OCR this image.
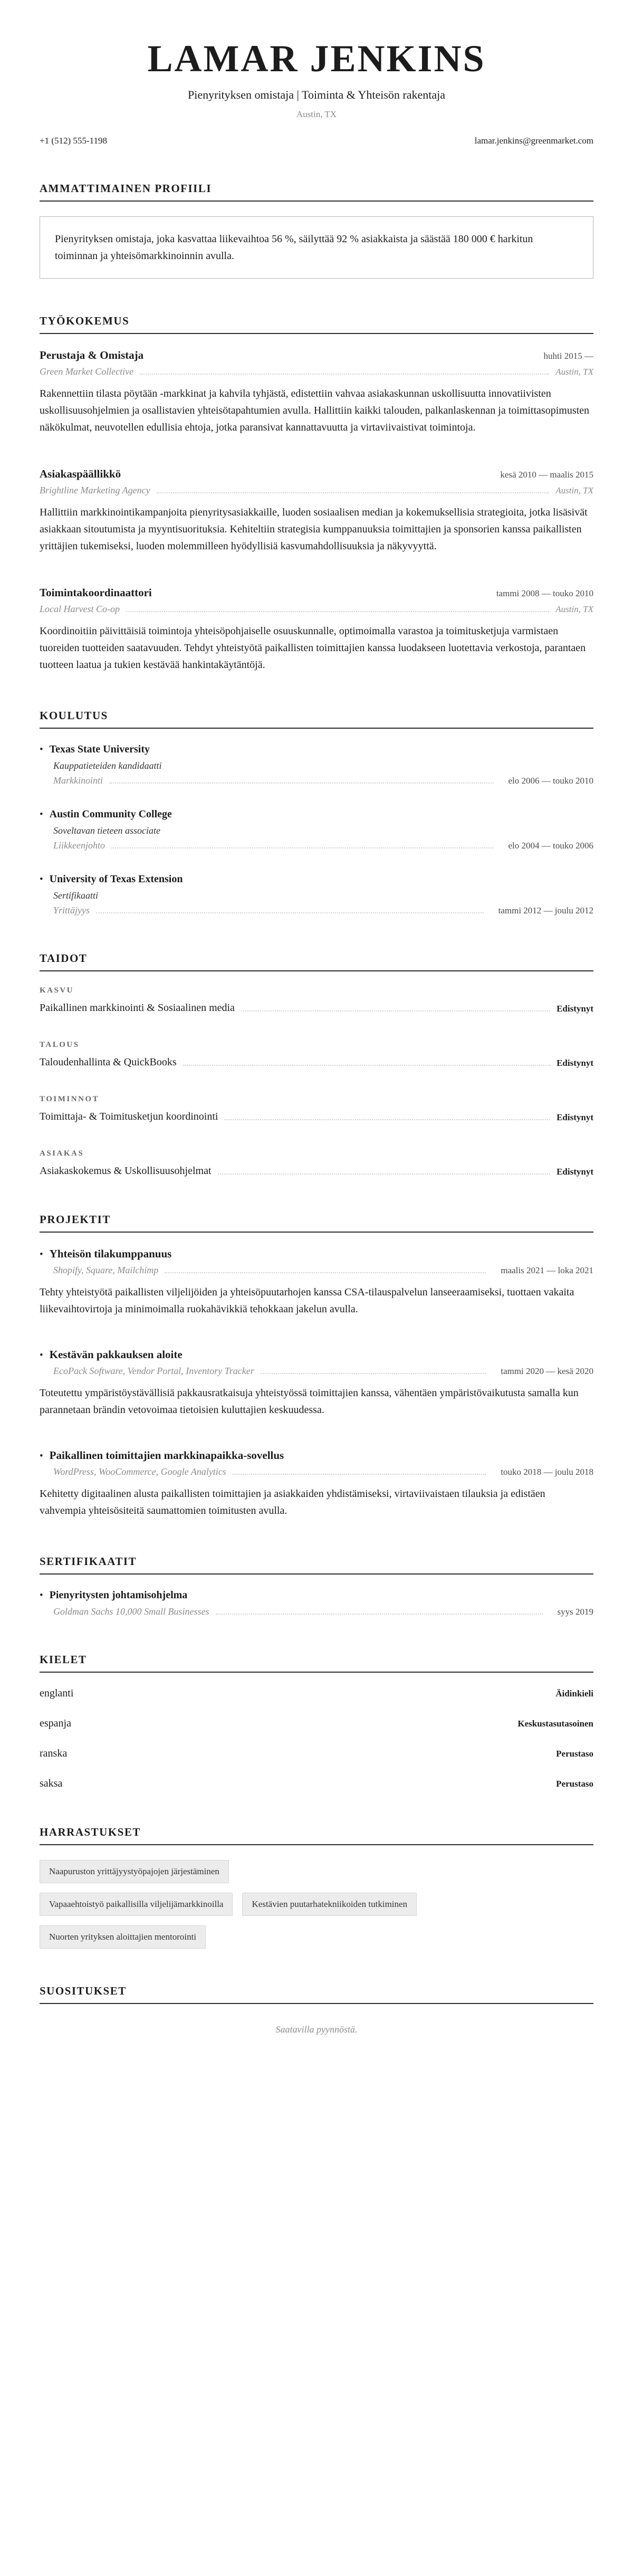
LAMAR JENKINS
Pienyrityksen omistaja | Toiminta & Yhteisön rakentaja
Austin, TX
+1 (512) 555-1198	lamar.jenkins@greenmarket.com
AMMATTIMAINEN PROFIILI

Pienyrityksen omistaja, joka kasvattaa liikevaihtoa 56 %, säilyttää 92 % asiakkaista ja säästää 180 000 € harkitun toiminnan ja yhteisömarkkinoinnin avulla.

TYÖKOKEMUS
Perustaja & Omistaja	huhti 2015 —
Green Market Collective	Austin, TX

Rakennettiin tilasta pöytään -markkinat ja kahvila tyhjästä, edistettiin vahvaa asiakaskunnan uskollisuutta innovatiivisten uskollisuusohjelmien ja osallistavien yhteisötapahtumien avulla. Hallittiin kaikki talouden, palkanlaskennan ja toimittasopimusten näkökulmat, neuvotellen edullisia ehtoja, jotka paransivat kannattavuutta ja virtaviivaistivat toimintoja.

Asiakaspäällikkö	kesä 2010 — maalis 2015
Brightline Marketing Agency	Austin, TX

Hallittiin markkinointikampanjoita pienyritysasiakkaille, luoden sosiaalisen median ja kokemuksellisia strategioita, jotka lisäsivät asiakkaan sitoutumista ja myyntisuorituksia. Kehiteltiin strategisia kumppanuuksia toimittajien ja sponsorien kanssa paikallisten yrittäjien tukemiseksi, luoden molemmilleen hyödyllisiä kasvumahdollisuuksia ja näkyvyyttä.

Toimintakoordinaattori	tammi 2008 — touko 2010
Local Harvest Co-op	Austin, TX

Koordinoitiin päivittäisiä toimintoja yhteisöpohjaiselle osuuskunnalle, optimoimalla varastoa ja toimitusketjuja varmistaen tuoreiden tuotteiden saatavuuden. Tehdyt yhteistyötä paikallisten toimittajien kanssa luodakseen luotettavia verkostoja, parantaen tuotteen laatua ja tukien kestävää hankintakäytäntöjä.

KOULUTUS
• Texas State University
Kauppatieteiden kandidaatti
Markkinointi	elo 2006 — touko 2010
• Austin Community College
Soveltavan tieteen associate
Liikkeenjohto	elo 2004 — touko 2006
• University of Texas Extension
Sertifikaatti
Yrittäjyys	tammi 2012 — joulu 2012
TAIDOT
KASVU
Paikallinen markkinointi & Sosiaalinen media	Edistynyt
TALOUS
Taloudenhallinta & QuickBooks	Edistynyt
TOIMINNOT
Toimittaja- & Toimitusketjun koordinointi	Edistynyt
ASIAKAS
Asiakaskokemus & Uskollisuusohjelmat	Edistynyt
PROJEKTIT
• Yhteisön tilakumppanuus
Shopify, Square, Mailchimp	maalis 2021 — loka 2021

Tehty yhteistyötä paikallisten viljelijöiden ja yhteisöpuutarhojen kanssa CSA-tilauspalvelun lanseeraamiseksi, tuottaen vakaita liikevaihtovirtoja ja minimoimalla ruokahävikkiä tehokkaan jakelun avulla.

• Kestävän pakkauksen aloite
EcoPack Software, Vendor Portal, Inventory Tracker	tammi 2020 — kesä 2020

Toteutettu ympäristöystävällisiä pakkausratkaisuja yhteistyössä toimittajien kanssa, vähentäen ympäristövaikutusta samalla kun parannetaan brändin vetovoimaa tietoisien kuluttajien keskuudessa.

• Paikallinen toimittajien markkinapaikka-sovellus
WordPress, WooCommerce, Google Analytics	touko 2018 — joulu 2018

Kehitetty digitaalinen alusta paikallisten toimittajien ja asiakkaiden yhdistämiseksi, virtaviivaistaen tilauksia ja edistäen vahvempia yhteisösiteitä saumattomien toimitusten avulla.

SERTIFIKAATIT
• Pienyritysten johtamisohjelma
Goldman Sachs 10,000 Small Businesses	syys 2019
KIELET
englanti	Äidinkieli
espanja	Keskustasutasoinen
ranska	Perustaso
saksa	Perustaso
HARRASTUKSET
Naapuruston yrittäjyystyöpajojen järjestäminen
Vapaaehtoistyö paikallisilla viljelijämarkkinoilla	Kestävien puutarhatekniikoiden tutkiminen
Nuorten yrityksen aloittajien mentorointi
SUOSITUKSET
Saatavilla pyynnöstä.
